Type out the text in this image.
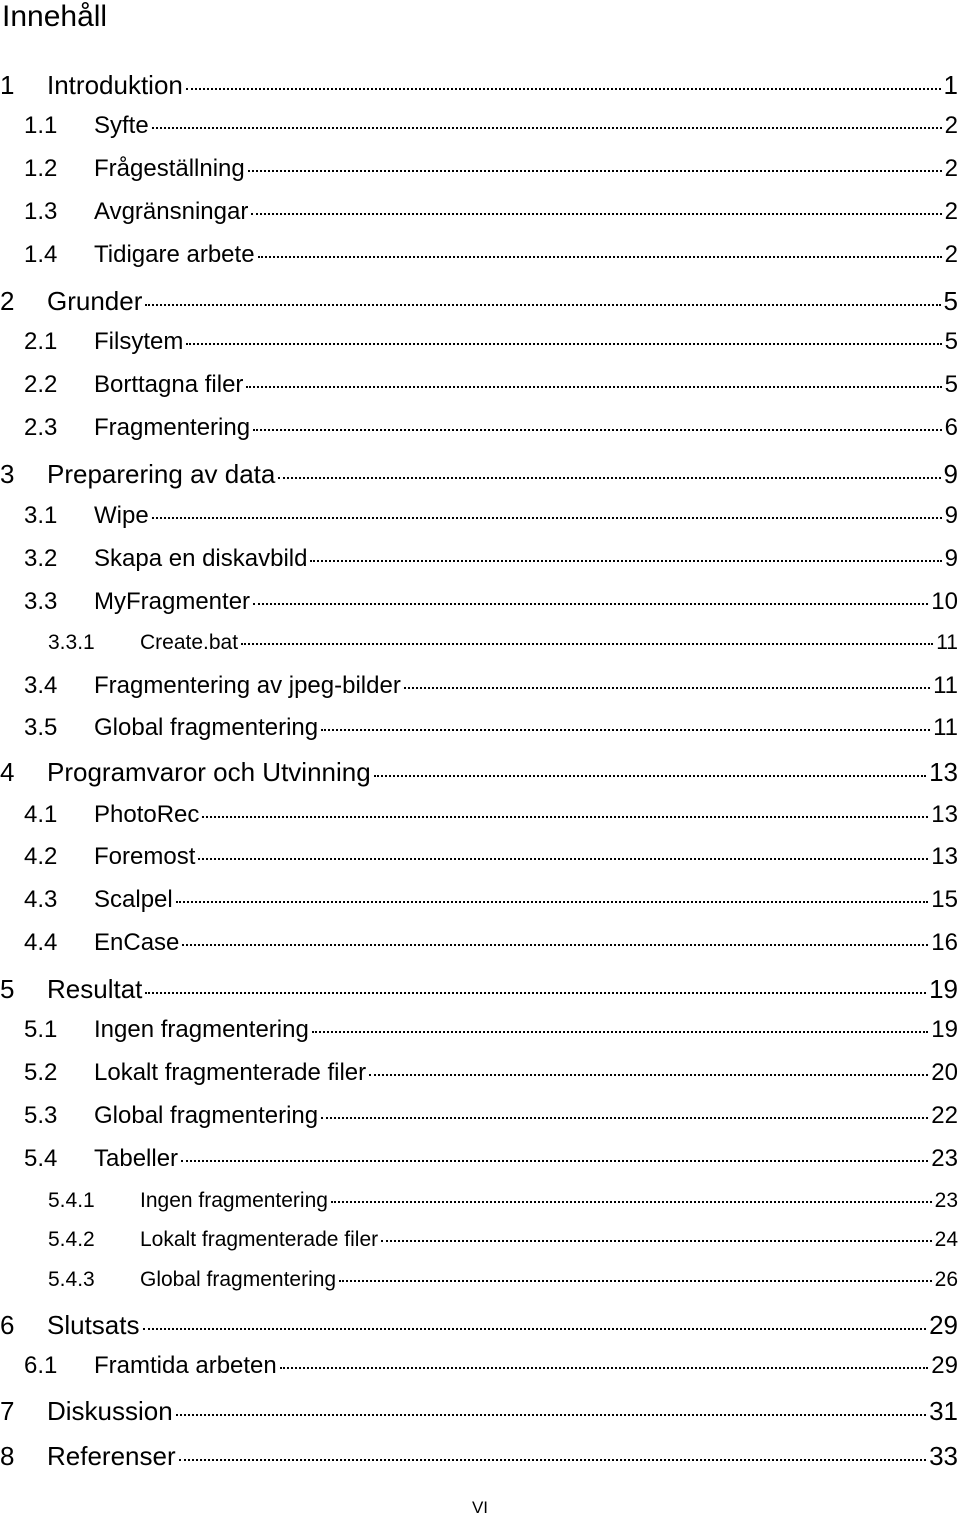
Innehåll
1	Introduktion	1
1.1	Syfte	2
1.2	Frågeställning	2
1.3	Avgränsningar	2
1.4	Tidigare arbete	2
2	Grunder	5
2.1	Filsytem	5
2.2	Borttagna filer	5
2.3	Fragmentering	6
3	Preparering av data	9
3.1	Wipe	9
3.2	Skapa en diskavbild	9
3.3	MyFragmenter	10
3.3.1	Create.bat	11
3.4	Fragmentering av jpeg-bilder	11
3.5	Global fragmentering	11
4	Programvaror och Utvinning	13
4.1	PhotoRec	13
4.2	Foremost	13
4.3	Scalpel	15
4.4	EnCase	16
5	Resultat	19
5.1	Ingen fragmentering	19
5.2	Lokalt fragmenterade filer	20
5.3	Global fragmentering	22
5.4	Tabeller	23
5.4.1	Ingen fragmentering	23
5.4.2	Lokalt fragmenterade filer	24
5.4.3	Global fragmentering	26
6	Slutsats	29
6.1	Framtida arbeten	29
7	Diskussion	31
8	Referenser	33
VI
